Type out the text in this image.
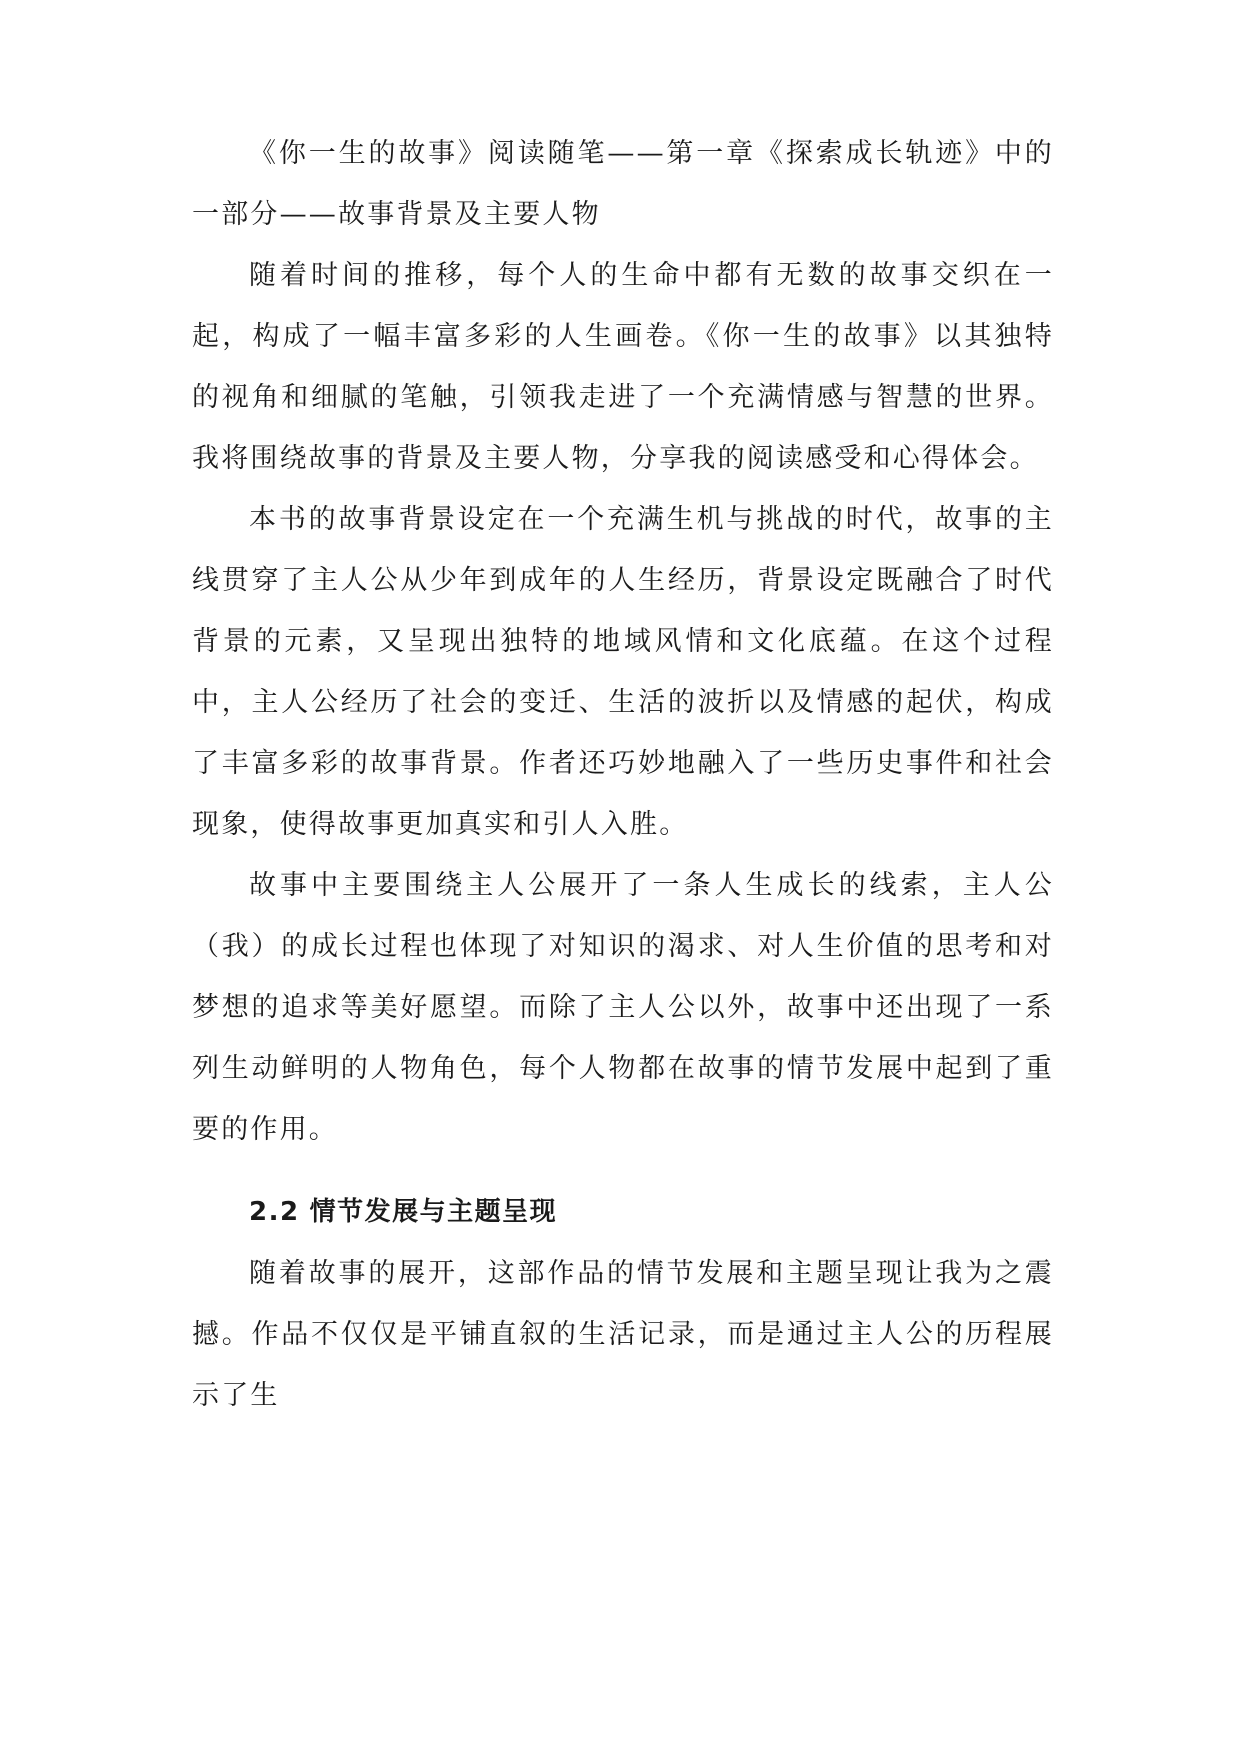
《你一生的故事》阅读随笔——第一章《探索成长轨迹》中的一部分——故事背景及主要人物

随着时间的推移，每个人的生命中都有无数的故事交织在一起，构成了一幅丰富多彩的人生画卷。《你一生的故事》以其独特的视角和细腻的笔触，引领我走进了一个充满情感与智慧的世界。我将围绕故事的背景及主要人物，分享我的阅读感受和心得体会。

本书的故事背景设定在一个充满生机与挑战的时代，故事的主线贯穿了主人公从少年到成年的人生经历，背景设定既融合了时代背景的元素，又呈现出独特的地域风情和文化底蕴。在这个过程中，主人公经历了社会的变迁、生活的波折以及情感的起伏，构成了丰富多彩的故事背景。作者还巧妙地融入了一些历史事件和社会现象，使得故事更加真实和引人入胜。

故事中主要围绕主人公展开了一条人生成长的线索，主人公（我）的成长过程也体现了对知识的渴求、对人生价值的思考和对梦想的追求等美好愿望。而除了主人公以外，故事中还出现了一系列生动鲜明的人物角色，每个人物都在故事的情节发展中起到了重要的作用。

2.2 情节发展与主题呈现

随着故事的展开，这部作品的情节发展和主题呈现让我为之震撼。作品不仅仅是平铺直叙的生活记录，而是通过主人公的历程展示了生
